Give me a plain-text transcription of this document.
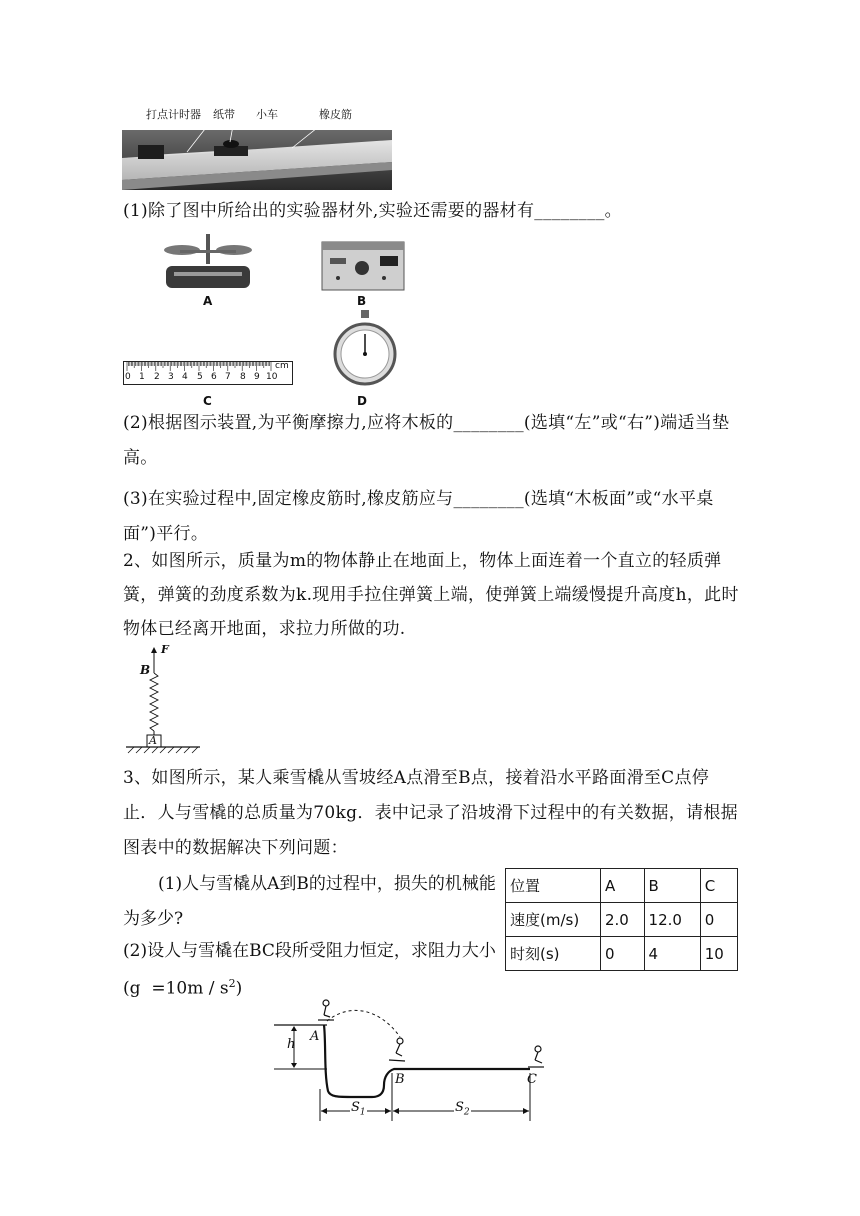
打点计时器 纸带 小车	橡皮筋
(1)除了图中所给出的实验器材外,实验还需要的器材有________。
A	B
D
0 1 2 3 4 5 6 7 8 9 10
cm
C
(2)根据图示装置,为平衡摩擦力,应将木板的________(选填“左”或“右”)端适当垫高。
(3)在实验过程中,固定橡皮筋时,橡皮筋应与________(选填“木板面”或“水平桌面”)平行。
2、如图所示，质量为m的物体静止在地面上，物体上面连着一个直立的轻质弹簧，弹簧的劲度系数为k.现用手拉住弹簧上端，使弹簧上端缓慢提升高度h，此时物体已经离开地面，求拉力所做的功.
F
B
A
3、如图所示，某人乘雪橇从雪坡经A点滑至B点，接着沿水平路面滑至C点停止．人与雪橇的总质量为70kg．表中记录了沿坡滑下过程中的有关数据，请根据图表中的数据解决下列问题：
(1)人与雪橇从A到B的过程中，损失的机械能为多少?
(2)设人与雪橇在BC段所受阻力恒定，求阻力大小
$(g =10m / s^2)$
位置	A	B	C
速度(m/s)	2.0	12.0	0
时刻(s)	0	4	10
h
A
B	C
$S_1$	$S_2$
